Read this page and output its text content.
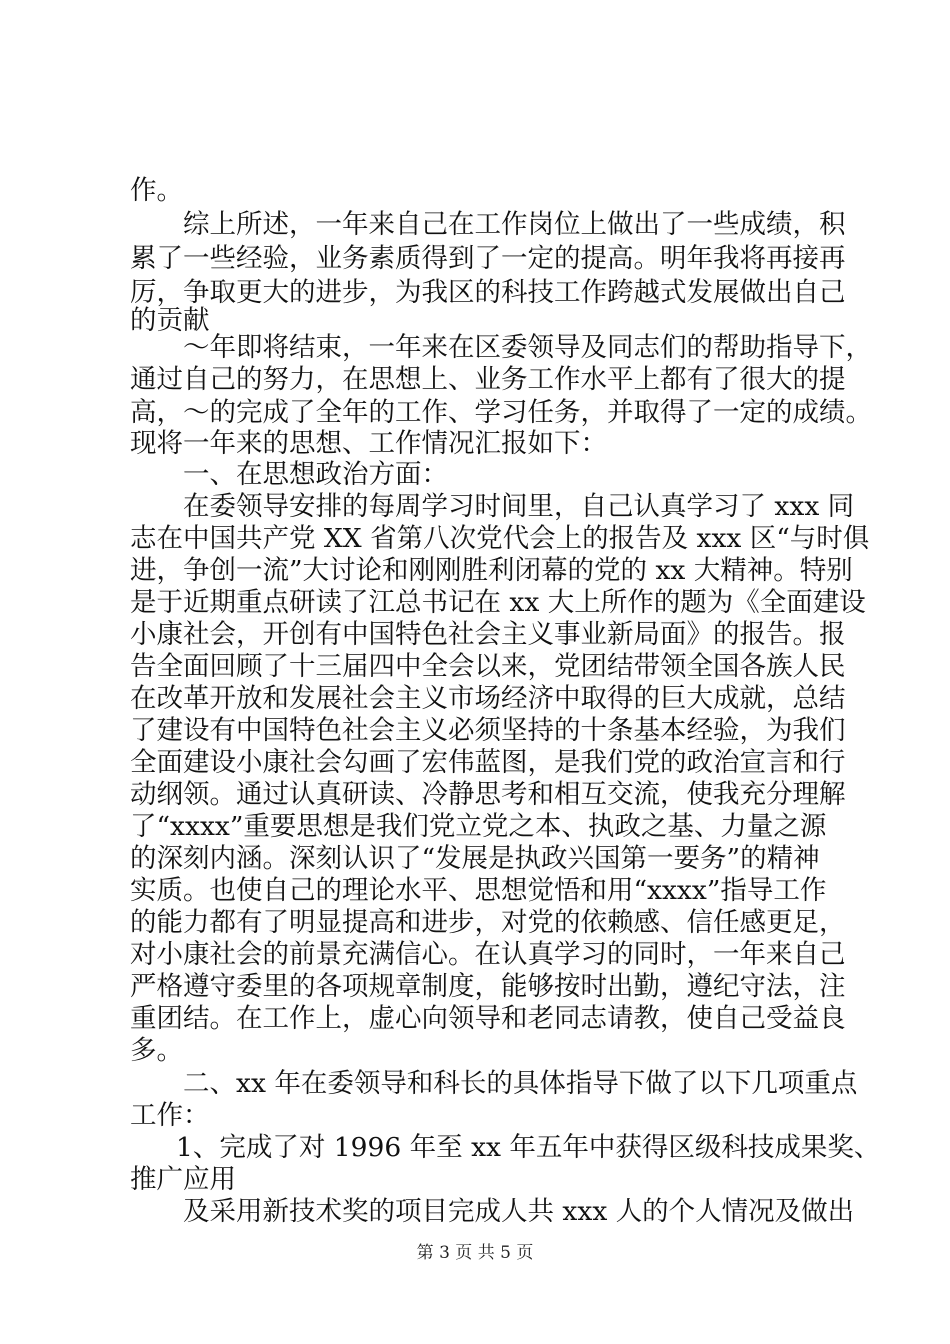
作。
综上所述，一年来自己在工作岗位上做出了一些成绩，积
累了一些经验，业务素质得到了一定的提高。明年我将再接再
厉，争取更大的进步，为我区的科技工作跨越式发展做出自己
的贡献
～年即将结束，一年来在区委领导及同志们的帮助指导下，
通过自己的努力，在思想上、业务工作水平上都有了很大的提
高，～的完成了全年的工作、学习任务，并取得了一定的成绩。
现将一年来的思想、工作情况汇报如下：
一、在思想政治方面：
在委领导安排的每周学习时间里，自己认真学习了 xxx 同
志在中国共产党 XX 省第八次党代会上的报告及 xxx 区“与时俱
进，争创一流”大讨论和刚刚胜利闭幕的党的 xx 大精神。特别
是于近期重点研读了江总书记在 xx 大上所作的题为《全面建设
小康社会，开创有中国特色社会主义事业新局面》的报告。报
告全面回顾了十三届四中全会以来，党团结带领全国各族人民
在改革开放和发展社会主义市场经济中取得的巨大成就，总结
了建设有中国特色社会主义必须坚持的十条基本经验，为我们
全面建设小康社会勾画了宏伟蓝图，是我们党的政治宣言和行
动纲领。通过认真研读、冷静思考和相互交流，使我充分理解
了“xxxx”重要思想是我们党立党之本、执政之基、力量之源
的深刻内涵。深刻认识了“发展是执政兴国第一要务”的精神
实质。也使自己的理论水平、思想觉悟和用“xxxx”指导工作
的能力都有了明显提高和进步，对党的依赖感、信任感更足，
对小康社会的前景充满信心。在认真学习的同时，一年来自己
严格遵守委里的各项规章制度，能够按时出勤，遵纪守法，注
重团结。在工作上，虚心向领导和老同志请教，使自己受益良
多。
二、xx 年在委领导和科长的具体指导下做了以下几项重点
工作：
1、完成了对 1996 年至 xx 年五年中获得区级科技成果奖、
推广应用
及采用新技术奖的项目完成人共 xxx 人的个人情况及做出
第 3 页 共 5 页
